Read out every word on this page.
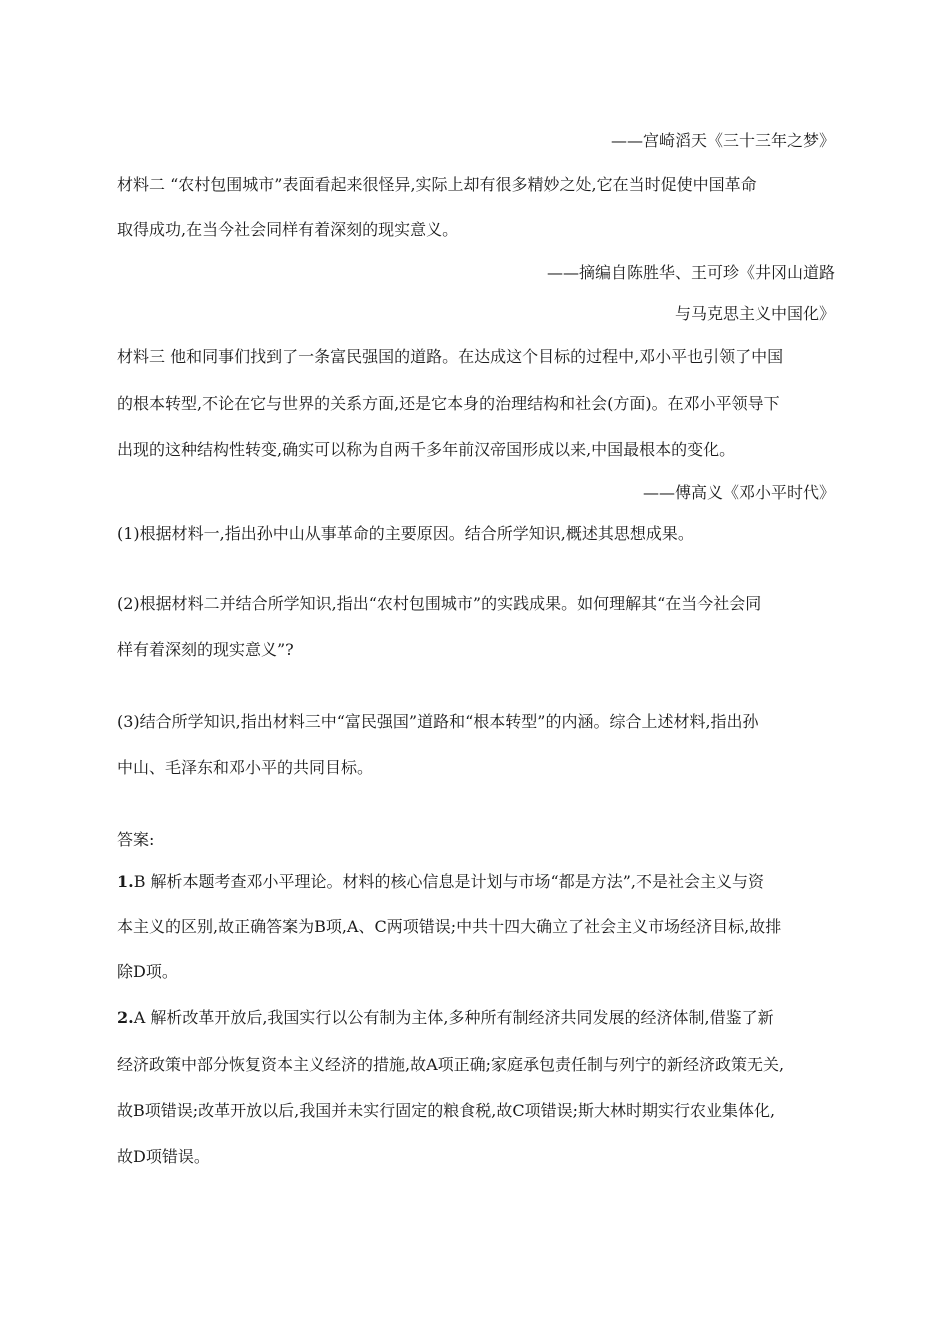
——宫崎滔天《三十三年之梦》
材料二 “农村包围城市”表面看起来很怪异,实际上却有很多精妙之处,它在当时促使中国革命
取得成功,在当今社会同样有着深刻的现实意义。
——摘编自陈胜华、王可珍《井冈山道路
与马克思主义中国化》
材料三 他和同事们找到了一条富民强国的道路。在达成这个目标的过程中,邓小平也引领了中国
的根本转型,不论在它与世界的关系方面,还是它本身的治理结构和社会(方面)。在邓小平领导下
出现的这种结构性转变,确实可以称为自两千多年前汉帝国形成以来,中国最根本的变化。
——傅高义《邓小平时代》
(1)根据材料一,指出孙中山从事革命的主要原因。结合所学知识,概述其思想成果。
(2)根据材料二并结合所学知识,指出“农村包围城市”的实践成果。如何理解其“在当今社会同
样有着深刻的现实意义”?
(3)结合所学知识,指出材料三中“富民强国”道路和“根本转型”的内涵。综合上述材料,指出孙
中山、毛泽东和邓小平的共同目标。
答案:
1.B 解析本题考查邓小平理论。材料的核心信息是计划与市场“都是方法”,不是社会主义与资
本主义的区别,故正确答案为B项,A、C两项错误;中共十四大确立了社会主义市场经济目标,故排
除D项。
2.A 解析改革开放后,我国实行以公有制为主体,多种所有制经济共同发展的经济体制,借鉴了新
经济政策中部分恢复资本主义经济的措施,故A项正确;家庭承包责任制与列宁的新经济政策无关,
故B项错误;改革开放以后,我国并未实行固定的粮食税,故C项错误;斯大林时期实行农业集体化,
故D项错误。
